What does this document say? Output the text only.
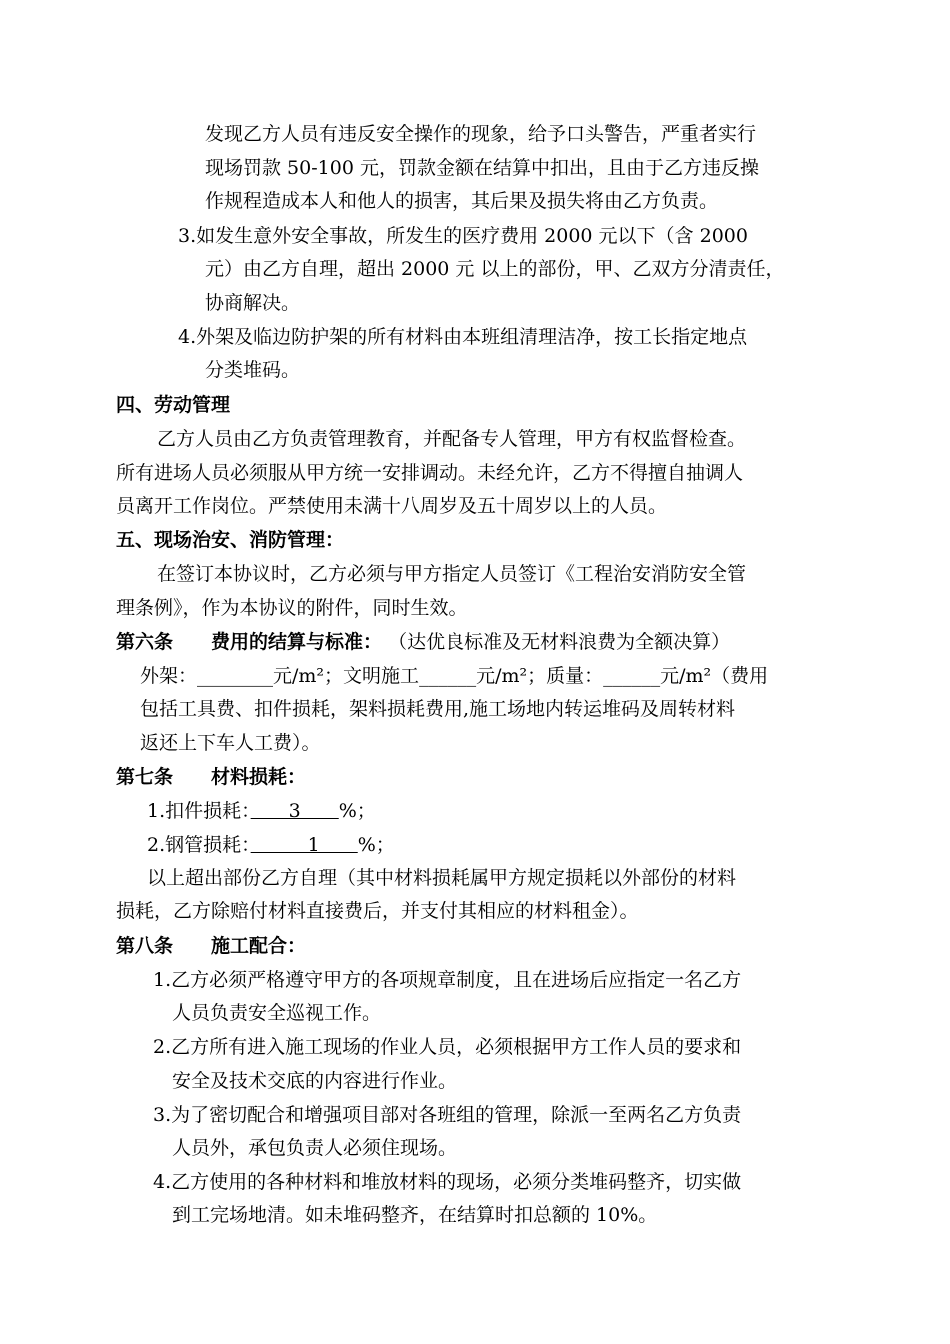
发现乙方人员有违反安全操作的现象，给予口头警告，严重者实行
现场罚款 50-100 元，罚款金额在结算中扣出，且由于乙方违反操
作规程造成本人和他人的损害，其后果及损失将由乙方负责。
3.如发生意外安全事故，所发生的医疗费用 2000 元以下（含 2000
元）由乙方自理，超出 2000 元 以上的部份，甲、乙双方分清责任，
协商解决。
4.外架及临边防护架的所有材料由本班组清理洁净，按工长指定地点
分类堆码。
四、劳动管理
乙方人员由乙方负责管理教育，并配备专人管理，甲方有权监督检查。
所有进场人员必须服从甲方统一安排调动。未经允许，乙方不得擅自抽调人
员离开工作岗位。严禁使用未满十八周岁及五十周岁以上的人员。
五、现场治安、消防管理：
在签订本协议时，乙方必须与甲方指定人员签订《工程治安消防安全管
理条例》，作为本协议的附件，同时生效。
第六条　　费用的结算与标准： （达优良标准及无材料浪费为全额决算）
外架：________元/m²；文明施工______元/m²；质量：______元/m²（费用
包括工具费、扣件损耗，架料损耗费用,施工场地内转运堆码及周转材料
返还上下车人工费）。
第七条　　材料损耗：
1.扣件损耗：　　3　　%；
2.钢管损耗：　　　1　　%；
以上超出部份乙方自理（其中材料损耗属甲方规定损耗以外部份的材料
损耗，乙方除赔付材料直接费后，并支付其相应的材料租金）。
第八条　　施工配合：
1.乙方必须严格遵守甲方的各项规章制度，且在进场后应指定一名乙方
人员负责安全巡视工作。
2.乙方所有进入施工现场的作业人员，必须根据甲方工作人员的要求和
安全及技术交底的内容进行作业。
3.为了密切配合和增强项目部对各班组的管理，除派一至两名乙方负责
人员外，承包负责人必须住现场。
4.乙方使用的各种材料和堆放材料的现场，必须分类堆码整齐，切实做
到工完场地清。如未堆码整齐，在结算时扣总额的 10%。
